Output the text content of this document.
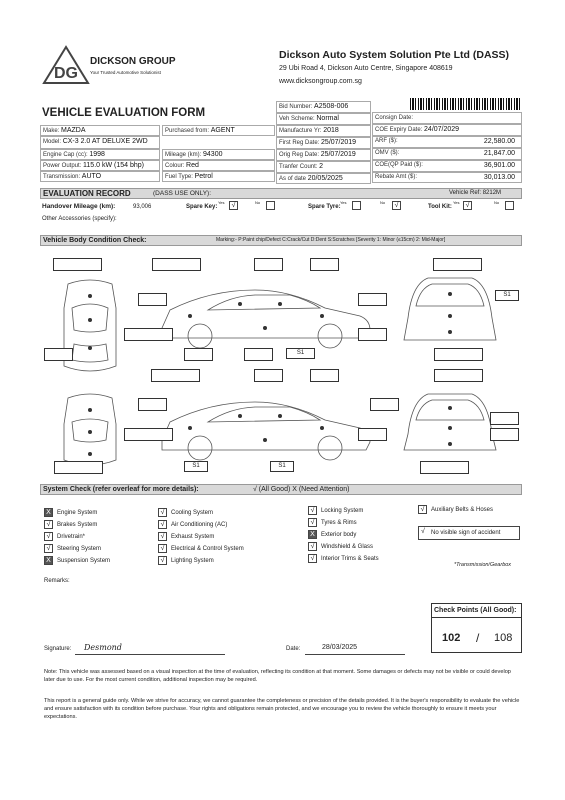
DG
DICKSON GROUP
Your Trusted Automotive Solutionist
Dickson Auto System Solution Pte Ltd (DASS)
29 Ubi Road 4, Dickson Auto Centre, Singapore 408619
www.dicksongroup.com.sg
VEHICLE EVALUATION FORM
Make: MAZDA
Model: CX-3 2.0 AT DELUXE 2WD
Engine Cap (cc): 1998
Power Output: 115.0 kW (154 bhp)
Transmission: AUTO
Purchased from: AGENT
Mileage (km): 94300
Colour: Red
Fuel Type: Petrol
Bid Number: A2508-006
Veh Scheme: Normal
Manufacture Yr: 2018
First Reg Date: 25/07/2019
Orig Reg Date: 25/07/2019
Tranfer Count: 2
As of date 20/05/2025
Consign Date:
COE Expiry Date: 24/07/2029
ARF ($):	22,580.00
OMV ($):	21,847.00
COE(QP Paid ($):	36,901.00
Rebate Amt ($):	30,013.00
EVALUATION RECORD	(DASS USE ONLY):	Vehicle Ref: 8212M
Handover Mileage (km):	93,006	Spare Key:
Yes	√	No
Spare Tyre:
Yes	No	√	Tool Kit:
Yes √	No
Other Accessories (specify):
Vehicle Body Condition Check:	Marking:- P:Paint chip/Defect C:Crack/Cut D:Dent S:Scratches [Severity 1: Minor (≤15cm) 2: Mid-Major]
S1
S1
S1	S1
System Check (refer overleaf for more details):	√ (All Good) X (Need Attention)
X	Engine System
√	Brakes System
√	Drivetrain*
√	Steering System
X	Suspension System
√	Cooling System
√	Air Conditioning (AC)
√	Exhaust System
√	Electrical & Control System
√	Lighting System
√	Locking System
√	Tyres & Rims
X	Exterior body
√	Windshield & Glass
√	Interior Trims & Seats
√	Auxiliary Belts & Hoses
√ No visible sign of accident
*Transmission/Gearbox
Remarks:
Check Points (All Good):
102 / 108
Signature: Desmond	Date:	28/03/2025
Note: This vehicle was assessed based on a visual inspection at the time of evaluation, reflecting its condition at that moment. Some damages or defects may not be visible or could develop later due to use. For the most current condition, additional inspection may be required.
This report is a general guide only. While we strive for accuracy, we cannot guarantee the completeness or precision of the details provided. It is the buyer's responsibility to evaluate the vehicle and ensure satisfaction with its condition before purchase. Your rights and obligations remain protected, and we encourage you to review the vehicle thoroughly to ensure it meets your expectations.
